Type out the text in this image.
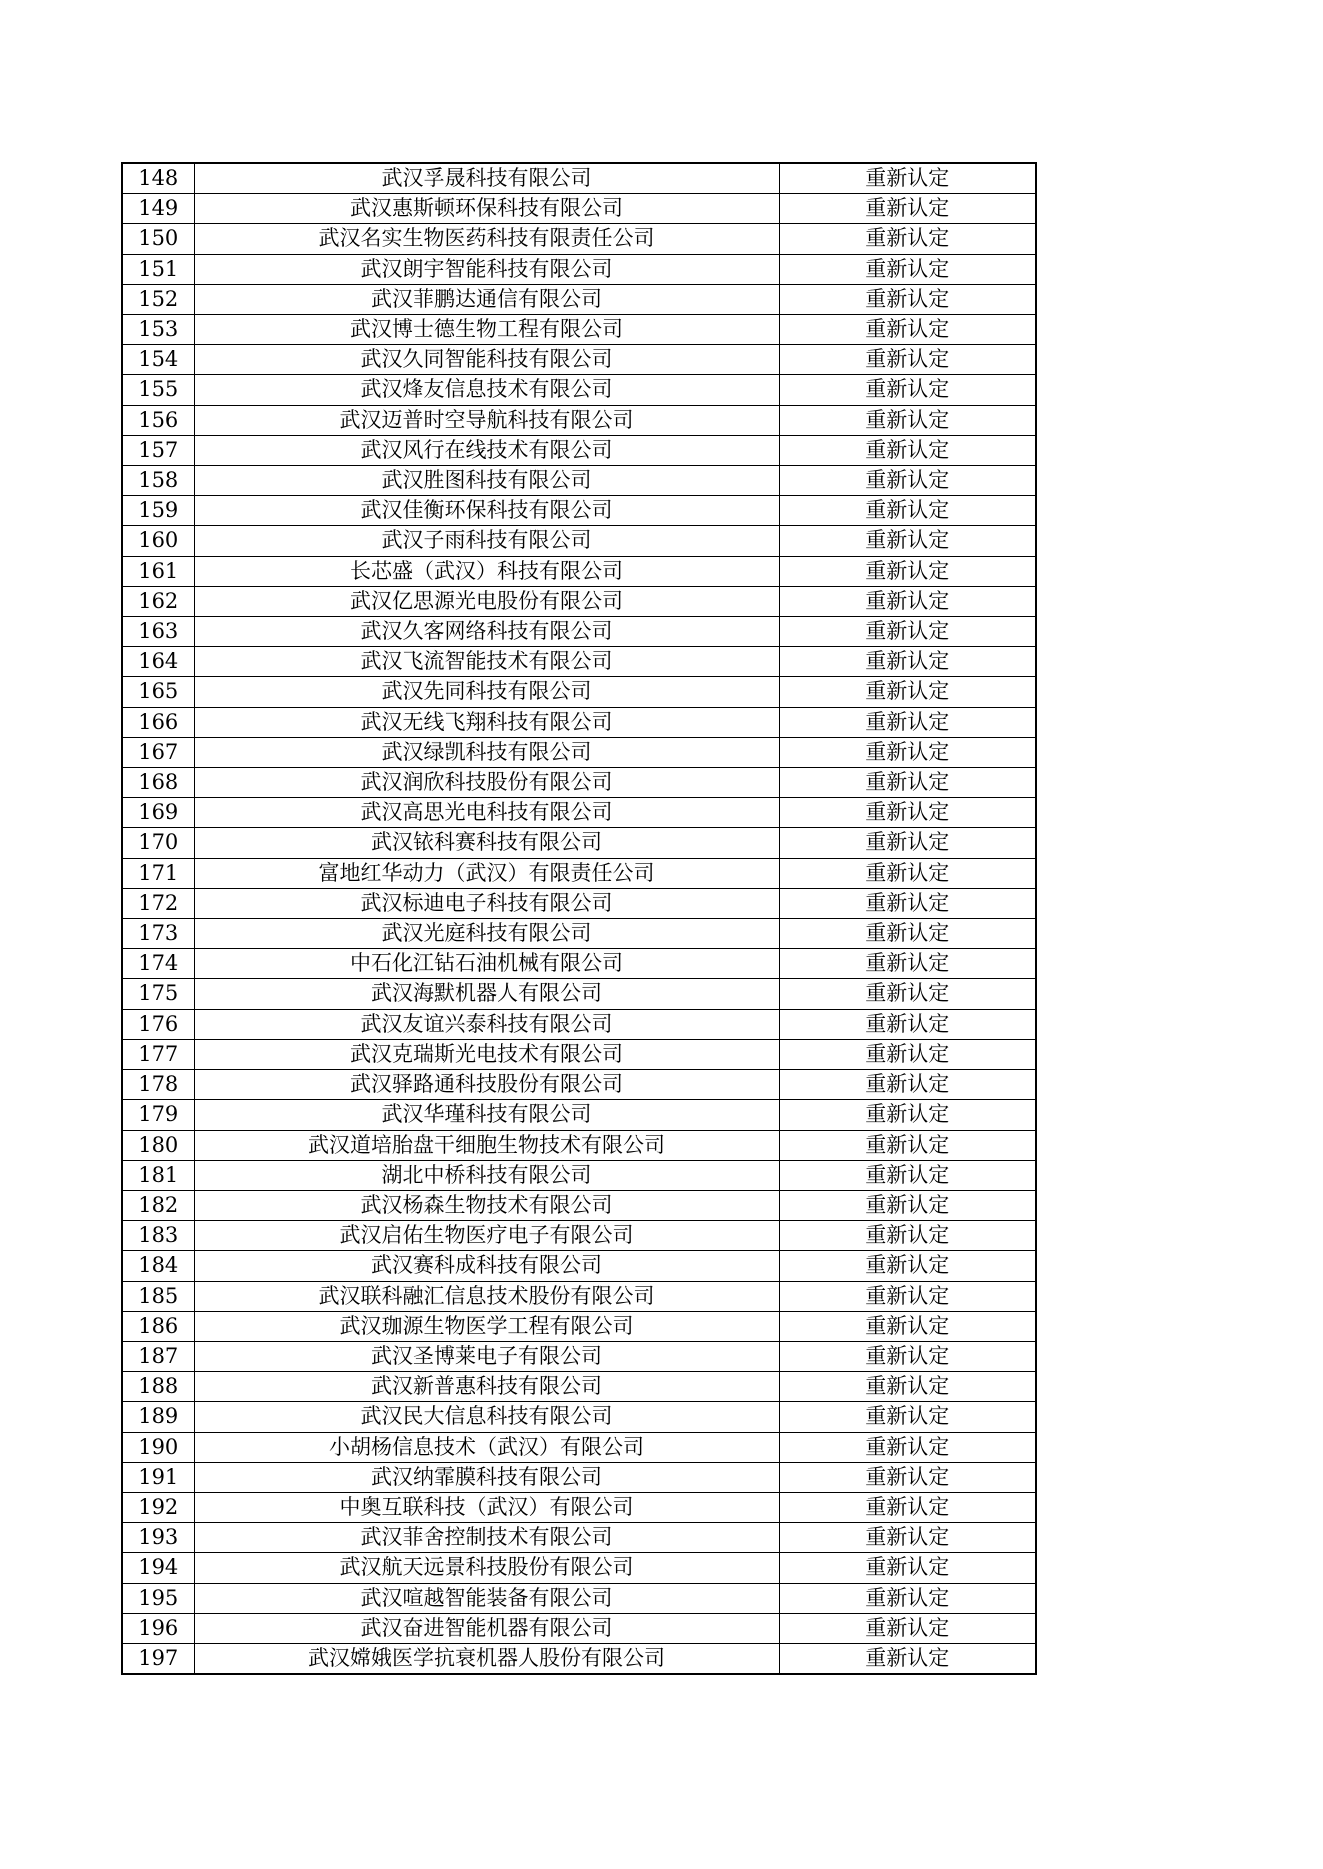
148	武汉孚晟科技有限公司	重新认定
149	武汉惠斯顿环保科技有限公司	重新认定
150	武汉名实生物医药科技有限责任公司	重新认定
151	武汉朗宇智能科技有限公司	重新认定
152	武汉菲鹏达通信有限公司	重新认定
153	武汉博士德生物工程有限公司	重新认定
154	武汉久同智能科技有限公司	重新认定
155	武汉烽友信息技术有限公司	重新认定
156	武汉迈普时空导航科技有限公司	重新认定
157	武汉风行在线技术有限公司	重新认定
158	武汉胜图科技有限公司	重新认定
159	武汉佳衡环保科技有限公司	重新认定
160	武汉子雨科技有限公司	重新认定
161	长芯盛（武汉）科技有限公司	重新认定
162	武汉亿思源光电股份有限公司	重新认定
163	武汉久客网络科技有限公司	重新认定
164	武汉飞流智能技术有限公司	重新认定
165	武汉先同科技有限公司	重新认定
166	武汉无线飞翔科技有限公司	重新认定
167	武汉绿凯科技有限公司	重新认定
168	武汉润欣科技股份有限公司	重新认定
169	武汉高思光电科技有限公司	重新认定
170	武汉铱科赛科技有限公司	重新认定
171	富地红华动力（武汉）有限责任公司	重新认定
172	武汉标迪电子科技有限公司	重新认定
173	武汉光庭科技有限公司	重新认定
174	中石化江钻石油机械有限公司	重新认定
175	武汉海默机器人有限公司	重新认定
176	武汉友谊兴泰科技有限公司	重新认定
177	武汉克瑞斯光电技术有限公司	重新认定
178	武汉驿路通科技股份有限公司	重新认定
179	武汉华瑾科技有限公司	重新认定
180	武汉道培胎盘干细胞生物技术有限公司	重新认定
181	湖北中桥科技有限公司	重新认定
182	武汉杨森生物技术有限公司	重新认定
183	武汉启佑生物医疗电子有限公司	重新认定
184	武汉赛科成科技有限公司	重新认定
185	武汉联科融汇信息技术股份有限公司	重新认定
186	武汉珈源生物医学工程有限公司	重新认定
187	武汉圣博莱电子有限公司	重新认定
188	武汉新普惠科技有限公司	重新认定
189	武汉民大信息科技有限公司	重新认定
190	小胡杨信息技术（武汉）有限公司	重新认定
191	武汉纳霏膜科技有限公司	重新认定
192	中奥互联科技（武汉）有限公司	重新认定
193	武汉菲舍控制技术有限公司	重新认定
194	武汉航天远景科技股份有限公司	重新认定
195	武汉喧越智能装备有限公司	重新认定
196	武汉奋进智能机器有限公司	重新认定
197	武汉嫦娥医学抗衰机器人股份有限公司	重新认定
